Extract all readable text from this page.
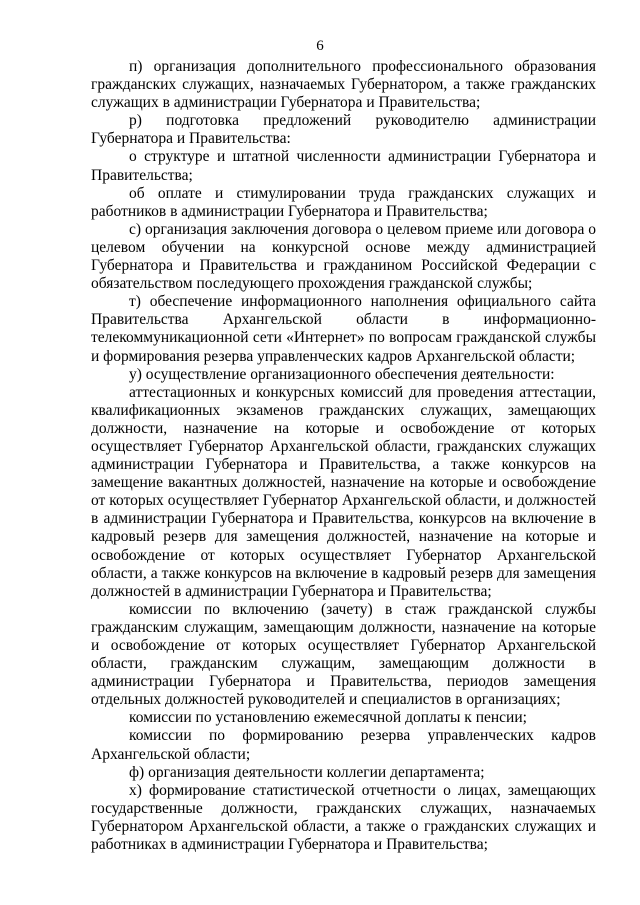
6

п) организация дополнительного профессионального образования гражданских служащих, назначаемых Губернатором, а также гражданских служащих в администрации Губернатора и Правительства;

р) подготовка предложений руководителю администрации Губернатора и Правительства:

о структуре и штатной численности администрации Губернатора и Правительства;

об оплате и стимулировании труда гражданских служащих и работников в администрации Губернатора и Правительства;

с) организация заключения договора о целевом приеме или договора о целевом обучении на конкурсной основе между администрацией Губернатора и Правительства и гражданином Российской Федерации с обязательством последующего прохождения гражданской службы;

т) обеспечение информационного наполнения официального сайта Правительства Архангельской области в информационно-телекоммуникационной сети «Интернет» по вопросам гражданской службы и формирования резерва управленческих кадров Архангельской области;

у) осуществление организационного обеспечения деятельности:

аттестационных и конкурсных комиссий для проведения аттестации, квалификационных экзаменов гражданских служащих, замещающих должности, назначение на которые и освобождение от которых осуществляет Губернатор Архангельской области, гражданских служащих администрации Губернатора и Правительства, а также конкурсов на замещение вакантных должностей, назначение на которые и освобождение от которых осуществляет Губернатор Архангельской области, и должностей в администрации Губернатора и Правительства, конкурсов на включение в кадровый резерв для замещения должностей, назначение на которые и освобождение от которых осуществляет Губернатор Архангельской области, а также конкурсов на включение в кадровый резерв для замещения должностей в администрации Губернатора и Правительства;

комиссии по включению (зачету) в стаж гражданской службы гражданским служащим, замещающим должности, назначение на которые и освобождение от которых осуществляет Губернатор Архангельской области, гражданским служащим, замещающим должности в администрации Губернатора и Правительства, периодов замещения отдельных должностей руководителей и специалистов в организациях;

комиссии по установлению ежемесячной доплаты к пенсии;

комиссии по формированию резерва управленческих кадров Архангельской области;

ф) организация деятельности коллегии департамента;

х) формирование статистической отчетности о лицах, замещающих государственные должности, гражданских служащих, назначаемых Губернатором Архангельской области, а также о гражданских служащих и работниках в администрации Губернатора и Правительства;
